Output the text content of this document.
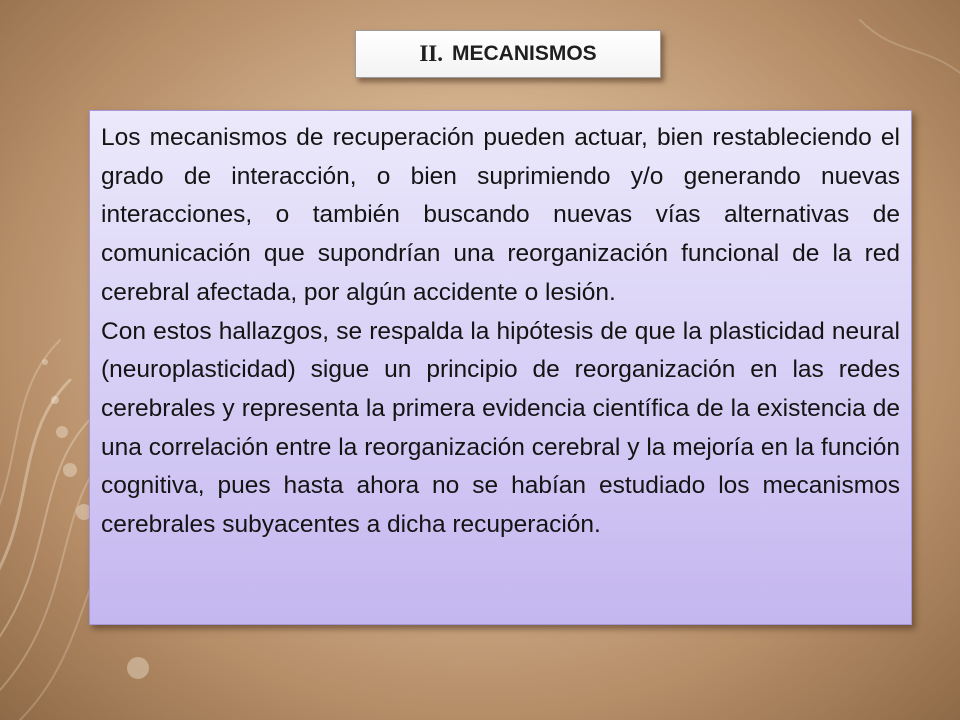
II. MECANISMOS

Los mecanismos de recuperación pueden actuar, bien restableciendo el grado de interacción, o bien suprimiendo y/o generando nuevas interacciones, o también buscando nuevas vías alternativas de comunicación que supondrían una reorganización funcional de la red cerebral afectada, por algún accidente o lesión.

Con estos hallazgos, se respalda la hipótesis de que la plasticidad neural (neuroplasticidad) sigue un principio de reorganización en las redes cerebrales y representa la primera evidencia científica de la existencia de una correlación entre la reorganización cerebral y la mejoría en la función cognitiva, pues hasta ahora no se habían estudiado los mecanismos cerebrales subyacentes a dicha recuperación.
